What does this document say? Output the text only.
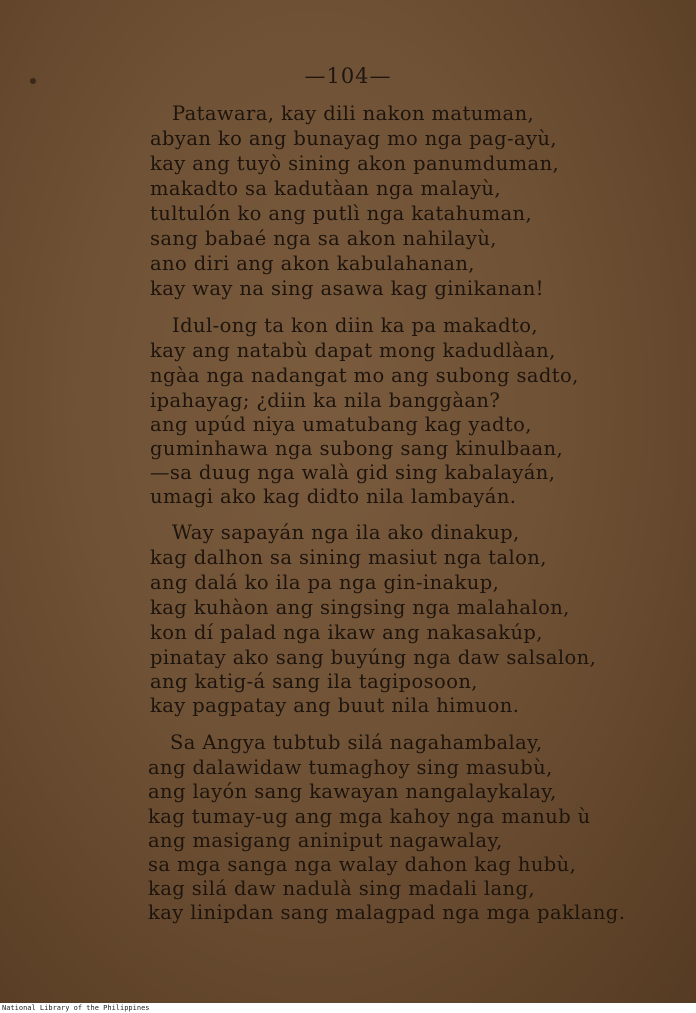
—104—
Patawara, kay dili nakon matuman,
abyan ko ang bunayag mo nga pag-ayù,
kay ang tuyò sining akon panumduman,
makadto sa kadutàan nga malayù,
tultulón ko ang putlì nga katahuman,
sang babaé nga sa akon nahilayù,
ano diri ang akon kabulahanan,
kay way na sing asawa kag ginikanan!
Idul-ong ta kon diin ka pa makadto,
kay ang natabù dapat mong kadudlàan,
ngàa nga nadangat mo ang subong sadto,
ipahayag; ¿diin ka nila banggàan?
ang upúd niya umatubang kag yadto,
guminhawa nga subong sang kinulbaan,
—sa duug nga walà gid sing kabalayán,
umagi ako kag didto nila lambayán.
Way sapayán nga ila ako dinakup,
kag dalhon sa sining masiut nga talon,
ang dalá ko ila pa nga gin-inakup,
kag kuhàon ang singsing nga malahalon,
kon dí palad nga ikaw ang nakasakúp,
pinatay ako sang buyúng nga daw salsalon,
ang katig-á sang ila tagiposoon,
kay pagpatay ang buut nila himuon.
Sa Angya tubtub silá nagahambalay,
ang dalawidaw tumaghoy sing masubù,
ang layón sang kawayan nangalaykalay,
kag tumay-ug ang mga kahoy nga manub ù
ang masigang aniniput nagawalay,
sa mga sanga nga walay dahon kag hubù,
kag silá daw nadulà sing madali lang,
kay linipdan sang malagpad nga mga paklang.
National Library of the Philippines
